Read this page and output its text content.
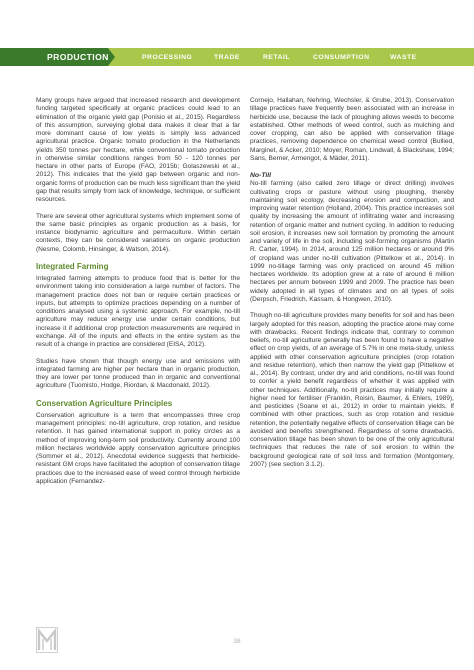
PRODUCTION	PROCESSING	TRADE	RETAIL	CONSUMPTION	WASTE

Many groups have argued that increased research and development funding targeted specifically at organic practices could lead to an elimination of the organic yield gap (Ponisio et al., 2015). Regardless of this assumption, surveying global data makes it clear that a far more dominant cause of low yields is simply less advanced agricultural practice. Organic tomato production in the Netherlands yields 350 tonnes per hectare, while conventional tomato production in otherwise similar conditions ranges from 50 - 120 tonnes per hectare in other parts of Europe (FAO, 2015b; Golaszewski et al., 2012). This indicates that the yield gap between organic and non-organic forms of production can be much less significant than the yield gap that results simply from lack of knowledge, technique, or sufficient resources.

There are several other agricultural systems which implement some of the same basic principles as organic production as a basis, for instance biodynamic agriculture and permaculture. Within certain contexts, they can be considered variations on organic production (Nesme, Colomb, Hinsinger, & Watson, 2014).

Integrated Farming

Integrated farming attempts to produce food that is better for the environment taking into consideration a large number of factors. The management practice does not ban or require certain practices or inputs, but attempts to optimize practices depending on a number of conditions analysed using a systemic approach. For example, no-till agriculture may reduce energy use under certain conditions, but increase it if additional crop protection measurements are required in exchange. All of the inputs and effects in the entire system as the result of a change in practice are considered (EISA, 2012).

Studies have shown that though energy use and emissions with integrated farming are higher per hectare than in organic production, they are lower per tonne produced than in organic and conventional agriculture (Tuomisto, Hodge, Riordan, & Macdonald, 2012).

Conservation Agriculture Principles

Conservation agriculture is a term that encompasses three crop management principles: no-till agriculture, crop rotation, and residue retention. It has gained international support in policy circles as a method of improving long-term soil productivity. Currently around 100 million hectares worldwide apply conservation agriculture principles (Sommer et al., 2012). Anecdotal evidence suggests that herbicide-resistant GM crops have facilitated the adoption of conservation tillage practices due to the increased ease of weed control through herbicide application (Fernandez-

Cornejo, Hallahan, Nehring, Wechsler, & Grube, 2013). Conservation tillage practices have frequently been associated with an increase in herbicide use, because the lack of ploughing allows weeds to become established. Other methods of weed control, such as mulching and cover cropping, can also be applied with conservation tillage practices, removing dependence on chemical weed control (Bullied, Marginet, & Acker, 2010; Moyer, Roman, Lindwall, & Blackshaw, 1994; Sans, Berner, Armengot, & Mäder, 2011).

No-Till

No-till farming (also called zero tillage or direct drilling) involves cultivating crops or pasture without using ploughing, thereby maintaining soil ecology, decreasing erosion and compaction, and improving water retention (Holland, 2004). This practice increases soil quality by increasing the amount of infiltrating water and increasing retention of organic matter and nutrient cycling. In addition to reducing soil erosion, it increases new soil formation by promoting the amount and variety of life in the soil, including soil-forming organisms (Martin R. Carter, 1994). In 2014, around 125 million hectares or around 9% of cropland was under no-till cultivation (Pittelkow et al., 2014). In 1999 no-tillage farming was only practiced on around 45 million hectares worldwide. Its adoption grew at a rate of around 6 million hectares per annum between 1999 and 2009. The practice has been widely adopted in all types of climates and on all types of soils (Derpsch, Friedrich, Kassam, & Hongwen, 2010).

Though no-till agriculture provides many benefits for soil and has been largely adopted for this reason, adopting the practice alone may come with drawbacks. Recent findings indicate that, contrary to common beliefs, no-till agriculture generally has been found to have a negative effect on crop yields, of an average of 5.7% in one meta-study, unless applied with other conservation agriculture principles (crop rotation and residue retention), which then narrow the yield gap (Pittelkow et al., 2014). By contrast, under dry and arid conditions, no-till was found to confer a yield benefit regardless of whether it was applied with other techniques. Additionally, no-till practices may initially require a higher need for fertiliser (Franklin, Roisin, Baumer, & Ehlers, 1989), and pesticides (Soane et al., 2012) in order to maintain yields. If combined with other practices, such as crop rotation and residue retention, the potentially negative effects of conservation tillage can be avoided and benefits strengthened. Regardless of some drawbacks, conservation tillage has been shown to be one of the only agricultural techniques that reduces the rate of soil erosion to within the background geological rate of soil loss and formation (Montgomery, 2007) (see section 3.1.2).

38
